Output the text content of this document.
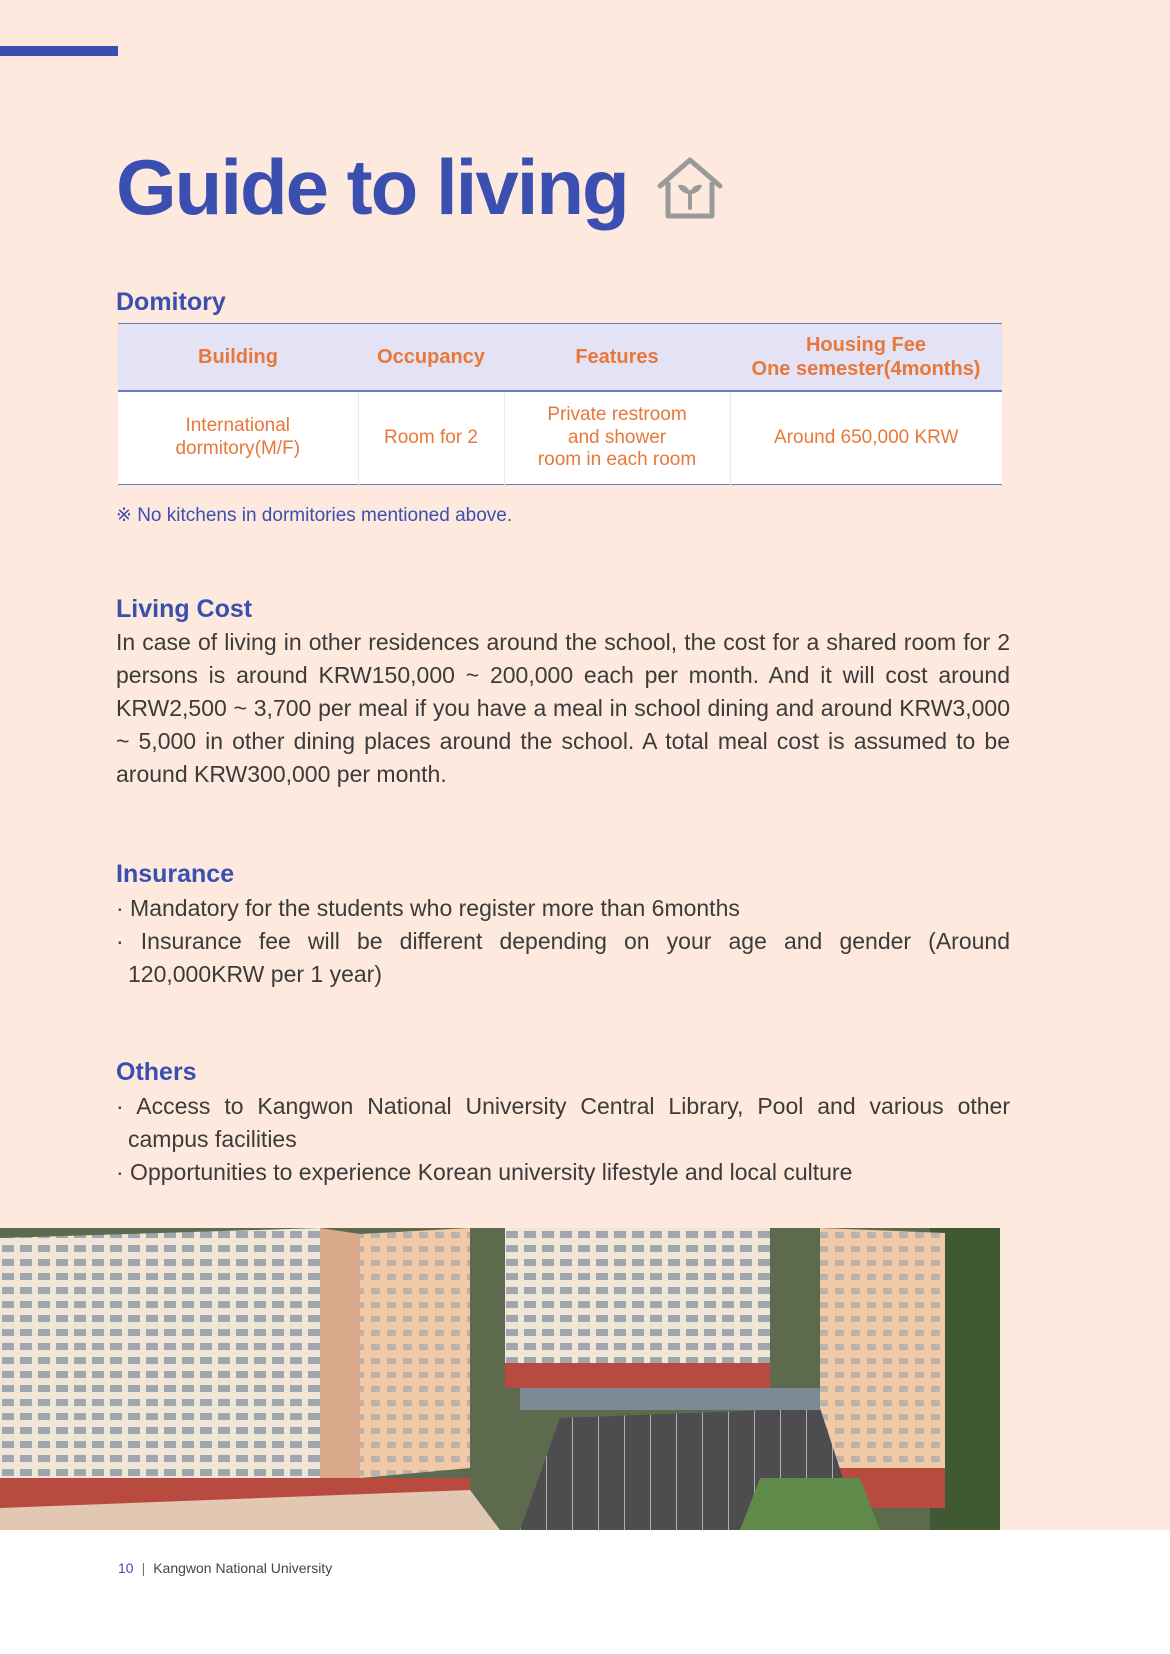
Guide to living
Domitory
Building	Occupancy	Features	Housing Fee
One semester(4months)

International
dormitory(M/F)	Room for 2	Private restroom
and shower
room in each room	Around 650,000 KRW
※ No kitchens in dormitories mentioned above.
Living Cost

In case of living in other residences around the school, the cost for a shared room for 2 persons is around KRW150,000 ~ 200,000 each per month. And it will cost around KRW2,500 ~ 3,700 per meal if you have a meal in school dining and around KRW3,000 ~ 5,000 in other dining places around the school. A total meal cost is assumed to be around KRW300,000 per month.

Insurance
· Mandatory for the students who register more than 6months
· Insurance fee will be different depending on your age and gender (Around 120,000KRW per 1 year)
Others
· Access to Kangwon National University Central Library, Pool and various other campus facilities
· Opportunities to experience Korean university lifestyle and local culture
10 | Kangwon National University
